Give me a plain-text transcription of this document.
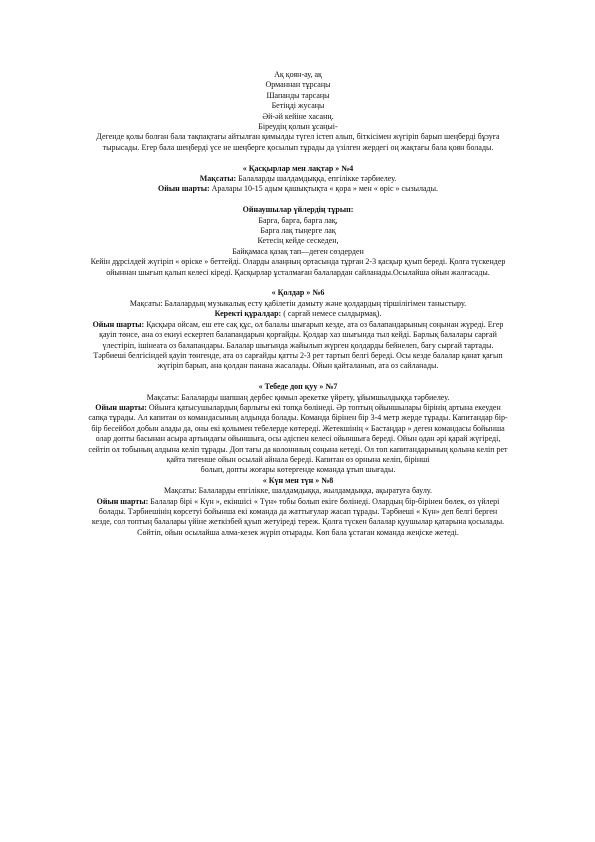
Ақ қоян-ау, ақ

Орманнан тұрсаңы

Шапанды тарсаңы

Бетіңді жусаңы

Әй-әй кейіне хасанң.

Біреудің қолын ұсаңыі-

Дегенде қолы болған бала тақпақтағы айтылған қимылды түгел істеп алып, біткісімен жүгіріп барып шеңберді бұзуға тырысады. Егер бала шеңберді үсе не шеңберге қосылып тұрады да үзілген жердегі оң жақтағы бала қоян болады.

« Қасқырлар мен лақтар » №4

Мақсаты: Балаларды шалдамдыққа, епгілікке тәрбиелеу.

Ойын шарты: Аралары 10-15 адым қашықтықта « қора » мен « өріс » сызылады.

Ойнаушылар үйлердің тұрып:

Барга, барга, барга лақ,

Барга лақ тыңерге лақ

Кетесің кейде сескеден,

Байқамаса қазақ тап—деген сөздерден

Кейін дұрсілдей жүгіріп « өріске » беттейді. Оларды алаңның ортасында тұрған 2-3 қасқыр қуып береді. Қолға түскендер ойыннан шығып қалып келесі кіреді. Қасқырлар ұсталмаған балалардан сайланады.Осылайша ойын жалғасады.

« Қолдар » №6

Мақсаты: Балалардың музыкалық есту қабілетін дамыту және қолдардың тіршілігімен таныстыру.

Керекті құралдар: ( сарғай немесе сылдырмақ).

Ойын шарты: Қасқыра ойсам, еш ете сақ құс, ол балалы шығарып кезде, ата оз балапандарының соңынан жүреді. Егер қауіп төнсе, ана оз екиуі ескертеп балапандарын қорғайды. Қолдар хаз шығында тыл кейді. Барлық балалары сарғай үлестіріп, ішінеата оз балапандары. Балалар шығында жайылып жүрген қолдарды бейнелеп, бағу сырғай тартады. Тәрбиеші белгісіндей қауіп төнгенде, ата оз сарғайды қатты 2-3 рет тартып белгі береді. Осы кезде балалар қанат қағып жүгіріп барып, ана қолдан панана жасалады. Ойын қайталанып, ата оз сайланады.

« Тебеде доп қуу » №7

Мақсаты: Балаларды шапшаң дербес қимыл әрекетке үйрету, ұйымшылдыққа тәрбиелеу.

Ойын шарты: Ойынға қатысушылардың барлығы екі топқа бөлінеді. Әр топтың ойыншылары бірінің артына екеуден сапқа тұрады. Ал капитан оз командасының алдында болады. Команда бірінен бір 3-4 метр жерде тұрады. Капитандар бір-бір бесейбол добын алады да, оны екі қолымен тебелерде көтереді. Жетекшінің « Бастаңдар » деген командасы бойынша олар допты басынан асыра артындағы ойыншыға, осы әдіспен келесі ойыншыға береді. Ойын одан әрі қарай жүгіреді, сейтіп ол тобының алдына келіп тұрады. Доп тағы да колоннның соңына кетеді. Ол топ капитандарының қолына келіп рет қайта тигенше ойын осылай айнала береді. Капитан өз орнына келіп, бірінші

болып, допты жоғары көтергенде команда ұтып шығады.

« Күн мен түн » №8

Мақсаты: Балаларды епгілікке, шалдамдыққа, жылдамдыққа, ақыратуға баулу.

Ойын шарты: Балалар бірі « Күн », екіншісі « Түн» тобы болып екіге бөлінеді. Олардың бір-бірінен бөлек, өз үйлері болады. Тәрбиешінің көрсетуі бойынша екі команда да жаттығулар жасап тұрады. Тәрбиеші « Күн» деп белгі берген кезде, сол топтың балалары үйіне жеткізбей қуып жетуіреді тереж. Қолға түскен балалар қуушылар қатарына қосылады. Сөйтіп, ойын осылайша алма-кезек жүріп отырады. Көп бала ұстаған команда жеңіске жетеді.
